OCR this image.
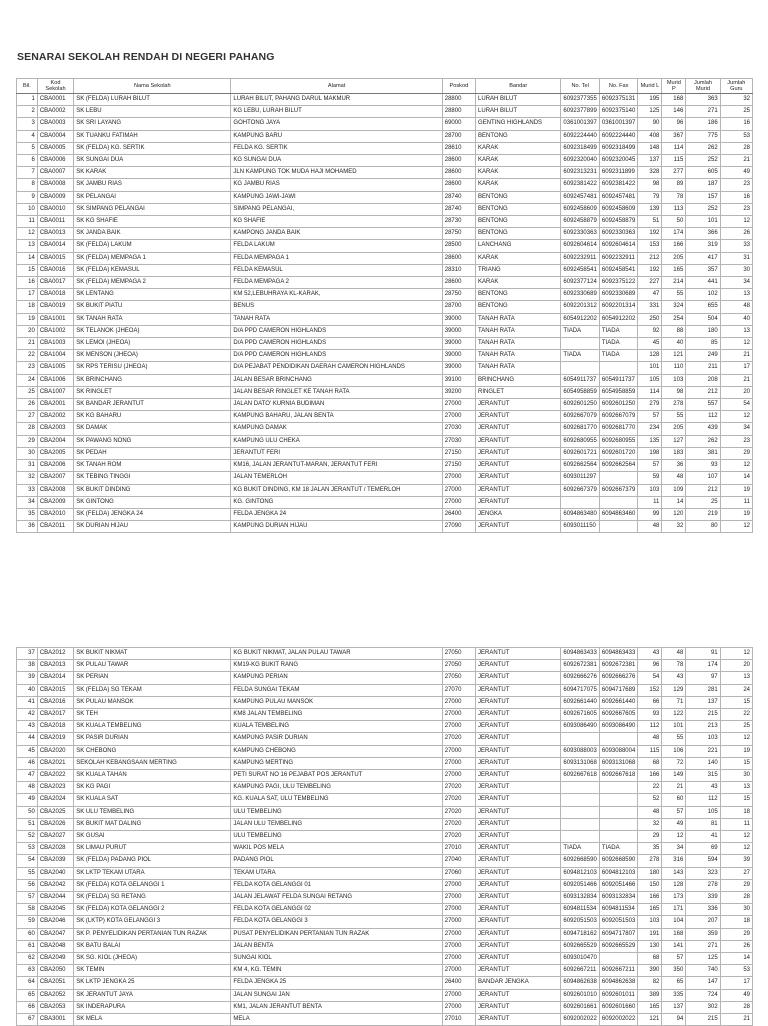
SENARAI SEKOLAH RENDAH DI NEGERI PAHANG
Bil.	Kod Sekolah	Nama Sekolah	Alamat	Poskod	Bandar	No. Tel	No. Fax	Murid L	Murid P	Jumlah Murid	Jumlah Guru
1	CBA0001	SK (FELDA) LURAH BILUT	LURAH BILUT, PAHANG DARUL MAKMUR	28800	LURAH BILUT	6092377355	6092375131	195	168	363	32
2	CBA0002	SK LEBU	KG LEBU, LURAH BILUT	28800	LURAH BILUT	6092377899	6092375140	125	146	271	25
3	CBA0003	SK SRI LAYANG	GOHTONG JAYA	69000	GENTING HIGHLANDS	0361001397	0361001397	90	96	186	16
4	CBA0004	SK TUANKU FATIMAH	KAMPUNG BARU	28700	BENTONG	6092224440	6092224440	408	367	775	53
5	CBA0005	SK (FELDA) KG. SERTIK	FELDA KG. SERTIK	28610	KARAK	6092318499	6092318499	148	114	262	28
6	CBA0006	SK SUNGAI DUA	KG SUNGAI DUA	28600	KARAK	6092320040	6092320045	137	115	252	21
7	CBA0007	SK KARAK	JLN KAMPUNG TOK MUDA HAJI MOHAMED	28600	KARAK	6092313231	6092311899	328	277	605	49
8	CBA0008	SK JAMBU RIAS	KG JAMBU RIAS	28600	KARAK	6092381422	6092381422	98	89	187	23
9	CBA0009	SK PELANGAI	KAMPUNG JAWI-JAWI	28740	BENTONG	6092457481	6092457481	79	78	157	16
10	CBA0010	SK SIMPANG PELANGAI	SIMPANG PELANGAI,	28740	BENTONG	6092458609	6092458609	139	113	252	23
11	CBA0011	SK KG SHAFIE	KG SHAFIE	28730	BENTONG	6092458879	6092458879	51	50	101	12
12	CBA0013	SK JANDA BAIK	KAMPONG JANDA BAIK	28750	BENTONG	6092330363	6092330363	192	174	366	26
13	CBA0014	SK (FELDA) LAKUM	FELDA LAKUM	28500	LANCHANG	6092604614	6092604614	153	166	319	33
14	CBA0015	SK (FELDA) MEMPAGA 1	FELDA MEMPAGA 1	28600	KARAK	6092232911	6092232911	212	205	417	31
15	CBA0016	SK (FELDA) KEMASUL	FELDA KEMASUL	28310	TRIANG	6092458541	6092458541	192	165	357	30
16	CBA0017	SK (FELDA) MEMPAGA 2	FELDA MEMPAGA 2	28600	KARAK	6092377124	6092375122	227	214	441	34
17	CBA0018	SK LENTANG	KM 52,LEBUHRAYA KL-KARAK,	28750	BENTONG	6092330689	6092330689	47	55	102	13
18	CBA0019	SK BUKIT PIATU	BENUS	28700	BENTONG	6092201312	6092201314	331	324	655	48
19	CBA1001	SK TANAH RATA	TANAH RATA	39000	TANAH RATA	6054912202	6054912202	250	254	504	40
20	CBA1002	SK TELANOK (JHEOA)	D/A PPD CAMERON HIGHLANDS	39000	TANAH RATA	TIADA	TIADA	92	88	180	13
21	CBA1003	SK LEMOI (JHEOA)	D/A PPD CAMERON HIGHLANDS	39000	TANAH RATA		TIADA	45	40	85	12
22	CBA1004	SK MENSON (JHEOA)	D/A PPD CAMERON HIGHLANDS	39000	TANAH RATA	TIADA	TIADA	128	121	249	21
23	CBA1005	SK RPS TERISU (JHEOA)	D/A PEJABAT PENDIDIKAN DAERAH CAMERON HIGHLANDS	39000	TANAH RATA			101	110	211	17
24	CBA1006	SK BRINCHANG	JALAN BESAR BRINCHANG	39100	BRINCHANG	6054911737	6054911737	105	103	208	21
25	CBA1007	SK RINGLET	JALAN BESAR RINGLET KE TANAH RATA	39200	RINGLET	6054958859	6054958859	114	98	212	20
26	CBA2001	SK BANDAR JERANTUT	JALAN DATO' KURNIA BUDIMAN	27000	JERANTUT	6092601250	6092601250	279	278	557	54
27	CBA2002	SK KG BAHARU	KAMPUNG BAHARU, JALAN BENTA	27000	JERANTUT	6092667079	6092667079	57	55	112	12
28	CBA2003	SK DAMAK	KAMPUNG DAMAK	27030	JERANTUT	6092681770	6092681770	234	205	439	34
29	CBA2004	SK PAWANG NONG	KAMPUNG ULU CHEKA	27030	JERANTUT	6092680955	6092680955	135	127	262	23
30	CBA2005	SK PEDAH	JERANTUT FERI	27150	JERANTUT	6092601721	6092601720	198	183	381	29
31	CBA2006	SK TANAH ROM	KM16, JALAN JERANTUT-MARAN, JERANTUT FERI	27150	JERANTUT	6092662564	6092662564	57	36	93	12
32	CBA2007	SK TEBING TINGGI	JALAN TEMERLOH	27000	JERANTUT	6093011297		59	48	107	14
33	CBA2008	SK BUKIT DINDING	KG BUKIT DINDING, KM 18 JALAN JERANTUT / TEMERLOH	27000	JERANTUT	6092667379	6092667379	103	109	212	19
34	CBA2009	SK GINTONG	KG. GINTONG	27000	JERANTUT			11	14	25	11
35	CBA2010	SK (FELDA) JENGKA 24	FELDA JENGKA 24	26400	JENGKA	6094863480	6094863460	99	120	219	19
36	CBA2011	SK DURIAN HIJAU	KAMPUNG DURIAN HIJAU	27090	JERANTUT	6093011150		48	32	80	12
37	CBA2012	SK BUKIT NIKMAT	KG BUKIT NIKMAT, JALAN PULAU TAWAR	27050	JERANTUT	6094863433	6094863433	43	48	91	12
38	CBA2013	SK PULAU TAWAR	KM19-KG BUKIT RANG	27050	JERANTUT	6092672381	6092672381	96	78	174	20
39	CBA2014	SK PERIAN	KAMPUNG PERIAN	27050	JERANTUT	6092666276	6092666276	54	43	97	13
40	CBA2015	SK (FELDA) SG TEKAM	FELDA SUNGAI TEKAM	27070	JERANTUT	6094717075	6094717689	152	129	281	24
41	CBA2016	SK PULAU MANSOK	KAMPUNG PULAU MANSOK	27000	JERANTUT	6092661440	6092661440	66	71	137	15
42	CBA2017	SK TEH	KM8 JALAN TEMBELING	27000	JERANTUT	6092671605	6092667605	93	122	215	22
43	CBA2018	SK KUALA TEMBELING	KUALA TEMBELING	27000	JERANTUT	6093086490	6093086490	112	101	213	25
44	CBA2019	SK PASIR DURIAN	KAMPUNG PASIR DURIAN	27020	JERANTUT			48	55	103	12
45	CBA2020	SK CHEBONG	KAMPUNG CHEBONG	27000	JERANTUT	6093088003	6093088004	115	106	221	19
46	CBA2021	SEKOLAH KEBANGSAAN MERTING	KAMPUNG MERTING	27000	JERANTUT	6093131068	6093131068	68	72	140	15
47	CBA2022	SK KUALA TAHAN	PETI SURAT NO 16 PEJABAT POS JERANTUT	27000	JERANTUT	6092667618	6092667618	166	149	315	30
48	CBA2023	SK KG PAGI	KAMPUNG PAGI, ULU TEMBELING	27020	JERANTUT			22	21	43	13
49	CBA2024	SK KUALA SAT	KG. KUALA SAT, ULU TEMBELING	27020	JERANTUT			52	60	112	15
50	CBA2025	SK ULU TEMBELING	ULU TEMBELING	27020	JERANTUT			48	57	105	18
51	CBA2026	SK BUKIT MAT DALING	JALAN ULU TEMBELING	27020	JERANTUT			32	49	81	11
52	CBA2027	SK GUSAI	ULU TEMBELING	27020	JERANTUT			29	12	41	12
53	CBA2028	SK LIMAU PURUT	WAKIL POS MELA	27010	JERANTUT	TIADA	TIADA	35	34	69	12
54	CBA2039	SK (FELDA) PADANG PIOL	PADANG PIOL	27040	JERANTUT	6092668590	6092668590	278	316	594	39
55	CBA2040	SK LKTP TEKAM UTARA	TEKAM UTARA	27060	JERANTUT	6094812103	6094812103	180	143	323	27
56	CBA2042	SK (FELDA) KOTA GELANGGI 1	FELDA KOTA GELANGGI 01	27000	JERANTUT	6092051466	6092051466	150	128	278	29
57	CBA2044	SK (FELDA) SG RETANG	JALAN JELAWAT FELDA SUNGAI RETANG	27000	JERANTUT	6093132834	6093132834	166	173	339	28
58	CBA2045	SK (FELDA) KOTA GELANGGI 2	FELDA KOTA GELANGGI 02	27000	JERANTUT	6094811534	6094811534	165	171	336	30
59	CBA2046	SK (LKTP) KOTA GELANGGI 3	FELDA KOTA GELANGGI 3	27000	JERANTUT	6092051503	6092051503	103	104	207	18
60	CBA2047	SK P. PENYELIDIKAN PERTANIAN TUN RAZAK	PUSAT PENYELIDIKAN PERTANIAN TUN RAZAK	27000	JERANTUT	6094718162	6094717807	191	168	359	29
61	CBA2048	SK BATU BALAI	JALAN BENTA	27000	JERANTUT	6092665529	6092665529	130	141	271	26
62	CBA2049	SK SG. KIOL (JHEOA)	SUNGAI KIOL	27000	JERANTUT	6093010470		68	57	125	14
63	CBA2050	SK TEMIN	KM 4, KG. TEMIN	27000	JERANTUT	6092667211	6092667211	390	350	740	53
64	CBA2051	SK LKTP JENGKA 25	FELDA JENGKA 25	26400	BANDAR JENGKA	6094862638	6094862638	82	65	147	17
65	CBA2052	SK JERANTUT JAYA	JALAN SUNGAI JAN	27000	JERANTUT	6092601010	6092601011	389	335	724	49
66	CBA2053	SK INDERAPURA	KM1, JALAN JERANTUT BENTA	27000	JERANTUT	6092601661	6092601660	165	137	302	28
67	CBA3001	SK MELA	MELA	27010	JERANTUT	6092002022	6092002022	121	94	215	21
